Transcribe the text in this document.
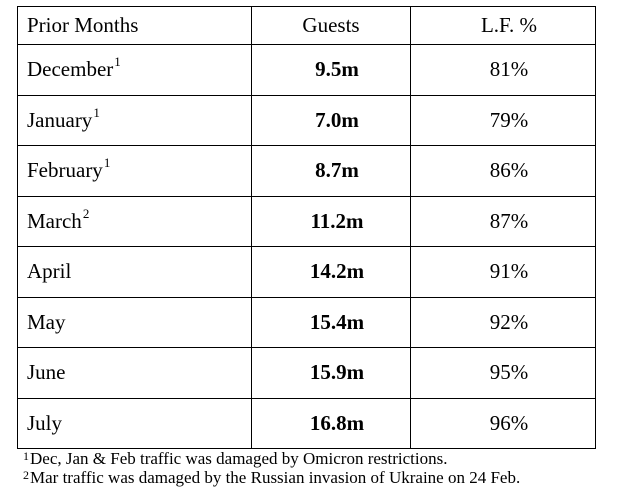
Prior Months	Guests	L.F. %
December$^1$	9.5m	81%
January$^1$	7.0m	79%
February$^1$	8.7m	86%
March$^2$	11.2m	87%
April	14.2m	91%
May	15.4m	92%
June	15.9m	95%
July	16.8m	96%
$^1$Dec, Jan & Feb traffic was damaged by Omicron restrictions.
$^2$Mar traffic was damaged by the Russian invasion of Ukraine on 24 Feb.
